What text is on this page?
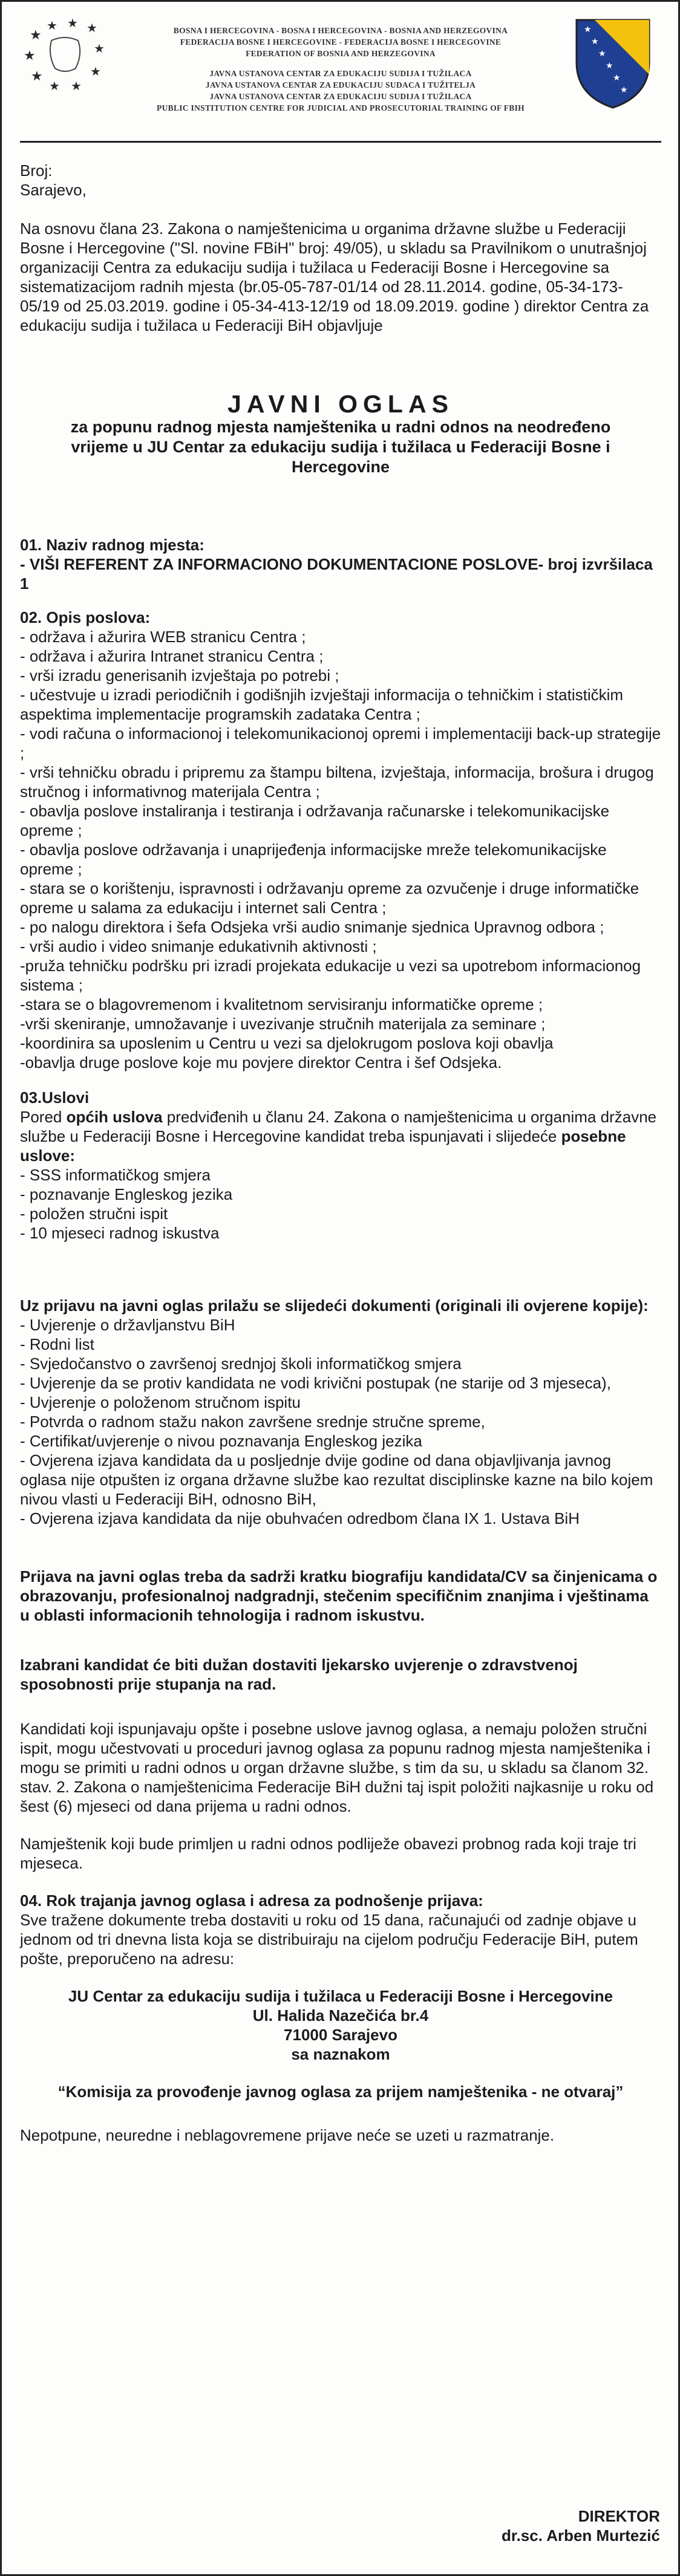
★
★ ★ ★
★	★
★
★ ★
★
BOSNA I HERCEGOVINA - BOSNA I HERCEGOVINA - BOSNIA AND HERZEGOVINA
FEDERACIJA BOSNE I HERCEGOVINE - FEDERACIJA BOSNE I HERCEGOVINE
FEDERATION OF BOSNIA AND HERZEGOVINA
JAVNA USTANOVA CENTAR ZA EDUKACIJU SUDIJA I TUŽILACA
JAVNA USTANOVA CENTAR ZA EDUKACIJU SUDACA I TUŽITELJA
JAVNA USTANOVA CENTAR ZA EDUKACIJU SUDIJA I TUŽILACA
PUBLIC INSTITUTION CENTRE FOR JUDICIAL AND PROSECUTORIAL TRAINING OF FBIH
★
★
★
★
★
★

Broj:

Sarajevo,

Na osnovu člana 23. Zakona o namještenicima u organima državne službe u Federaciji Bosne i Hercegovine ("Sl. novine FBiH" broj: 49/05), u skladu sa Pravilnikom o unutrašnjoj organizaciji Centra za edukaciju sudija i tužilaca u Federaciji Bosne i Hercegovine sa sistematizacijom radnih mjesta (br.05-05-787-01/14 od 28.11.2014. godine, 05-34-173-05/19 od 25.03.2019. godine i 05-34-413-12/19 od 18.09.2019. godine ) direktor Centra za edukaciju sudija i tužilaca u Federaciji BiH objavljuje

JAVNI OGLAS
za popunu radnog mjesta namještenika u radni odnos na neodređeno vrijeme u JU Centar za edukaciju sudija i tužilaca u Federaciji Bosne i Hercegovine

01. Naziv radnog mjesta:

- VIŠI REFERENT ZA INFORMACIONO DOKUMENTACIONE POSLOVE- broj izvršilaca 1

02. Opis poslova:

- održava i ažurira WEB stranicu Centra ;
- održava i ažurira Intranet stranicu Centra ;
- vrši izradu generisanih izvještaja po potrebi ;
- učestvuje u izradi periodičnih i godišnjih izvještaji informacija o tehničkim i statističkim aspektima implementacije programskih zadataka Centra ;
- vodi računa o informacionoj i telekomunikacionoj opremi i implementaciji back-up strategije ;
- vrši tehničku obradu i pripremu za štampu biltena, izvještaja, informacija, brošura i drugog stručnog i informativnog materijala Centra ;
- obavlja poslove instaliranja i testiranja i održavanja računarske i telekomunikacijske opreme ;
- obavlja poslove održavanja i unaprijeđenja informacijske mreže telekomunikacijske opreme ;
- stara se o korištenju, ispravnosti i održavanju opreme za ozvučenje i druge informatičke opreme u salama za edukaciju i internet sali Centra ;
- po nalogu direktora i šefa Odsjeka vrši audio snimanje sjednica Upravnog odbora ;
- vrši audio i video snimanje edukativnih aktivnosti ;
-pruža tehničku podršku pri izradi projekata edukacije u vezi sa upotrebom informacionog sistema ;
-stara se o blagovremenom i kvalitetnom servisiranju informatičke opreme ;
-vrši skeniranje, umnožavanje i uvezivanje stručnih materijala za seminare ;
-koordinira sa uposlenim u Centru u vezi sa djelokrugom poslova koji obavlja
-obavlja druge poslove koje mu povjere direktor Centra i šef Odsjeka.

03.Uslovi

Pored općih uslova predviđenih u članu 24. Zakona o namještenicima u organima državne službe u Federaciji Bosne i Hercegovine kandidat treba ispunjavati i slijedeće posebne uslove:

- SSS informatičkog smjera
- poznavanje Engleskog jezika
- položen stručni ispit
- 10 mjeseci radnog iskustva

Uz prijavu na javni oglas prilažu se slijedeći dokumenti (originali ili ovjerene kopije):

- Uvjerenje o državljanstvu BiH
- Rodni list
- Svjedočanstvo o završenoj srednjoj školi informatičkog smjera
- Uvjerenje da se protiv kandidata ne vodi krivični postupak (ne starije od 3 mjeseca),
- Uvjerenje o položenom stručnom ispitu
- Potvrda o radnom stažu nakon završene srednje stručne spreme,
- Certifikat/uvjerenje o nivou poznavanja Engleskog jezika
- Ovjerena izjava kandidata da u posljednje dvije godine od dana objavljivanja javnog oglasa nije otpušten iz organa državne službe kao rezultat disciplinske kazne na bilo kojem nivou vlasti u Federaciji BiH, odnosno BiH,
- Ovjerena izjava kandidata da nije obuhvaćen odredbom člana IX 1. Ustava BiH

Prijava na javni oglas treba da sadrži kratku biografiju kandidata/CV sa činjenicama o obrazovanju, profesionalnoj nadgradnji, stečenim specifičnim znanjima i vještinama u oblasti informacionih tehnologija i radnom iskustvu.

Izabrani kandidat će biti dužan dostaviti ljekarsko uvjerenje o zdravstvenoj sposobnosti prije stupanja na rad.

Kandidati koji ispunjavaju opšte i posebne uslove javnog oglasa, a nemaju položen stručni ispit, mogu učestvovati u proceduri javnog oglasa za popunu radnog mjesta namještenika i mogu se primiti u radni odnos u organ državne službe, s tim da su, u skladu sa članom 32. stav. 2. Zakona o namještenicima Federacije BiH dužni taj ispit položiti najkasnije u roku od šest (6) mjeseci od dana prijema u radni odnos.

Namještenik koji bude primljen u radni odnos podliježe obavezi probnog rada koji traje tri mjeseca.

04. Rok trajanja javnog oglasa i adresa za podnošenje prijava:

Sve tražene dokumente treba dostaviti u roku od 15 dana, računajući od zadnje objave u jednom od tri dnevna lista koja se distribuiraju na cijelom području Federacije BiH, putem pošte, preporučeno na adresu:

JU Centar za edukaciju sudija i tužilaca u Federaciji Bosne i Hercegovine

Ul. Halida Nazečića br.4

71000 Sarajevo

sa naznakom

“Komisija za provođenje javnog oglasa za prijem namještenika - ne otvaraj”

Nepotpune, neuredne i neblagovremene prijave neće se uzeti u razmatranje.

DIREKTOR

dr.sc. Arben Murtezić
